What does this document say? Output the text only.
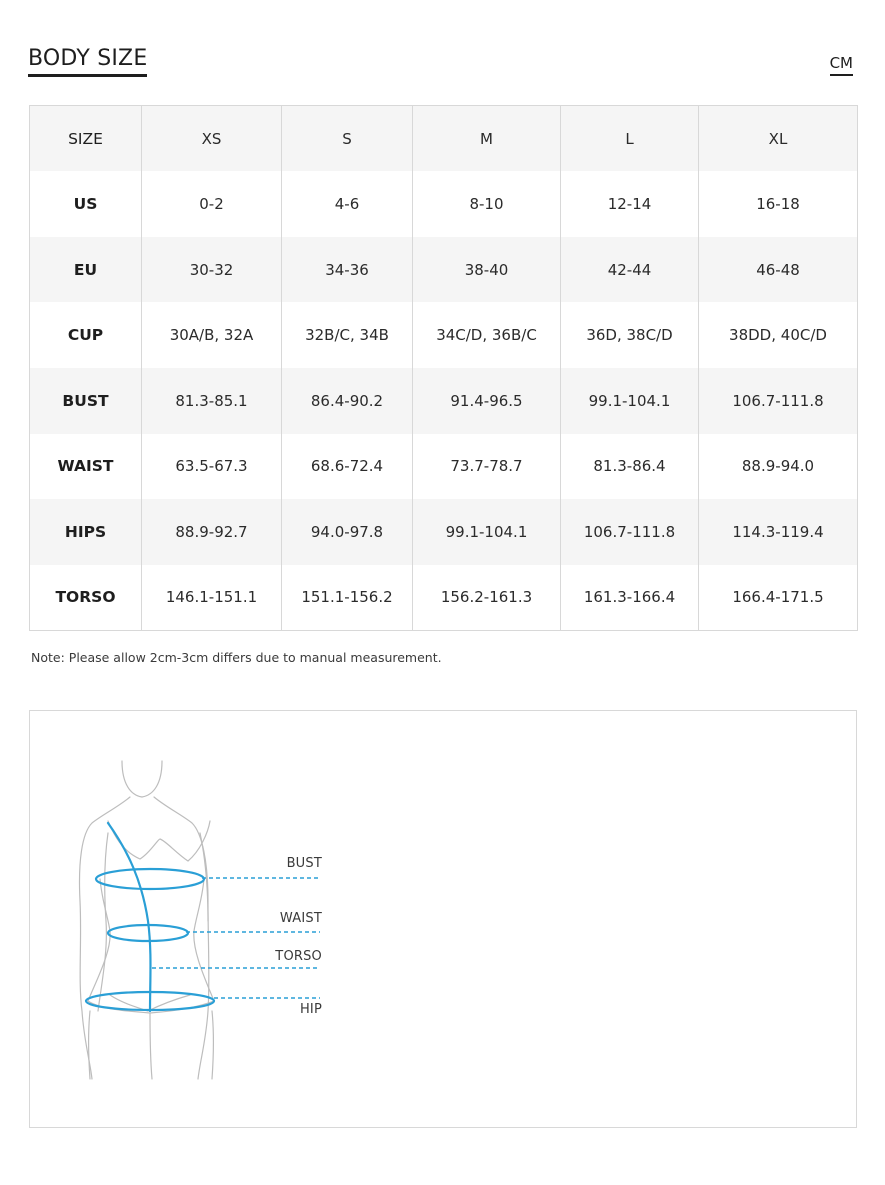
BODY SIZE	CM
SIZE	XS	S	M	L	XL
US	0-2	4-6	8-10	12-14	16-18
EU	30-32	34-36	38-40	42-44	46-48
CUP	30A/B, 32A	32B/C, 34B	34C/D, 36B/C	36D, 38C/D	38DD, 40C/D
BUST	81.3-85.1	86.4-90.2	91.4-96.5	99.1-104.1	106.7-111.8
WAIST	63.5-67.3	68.6-72.4	73.7-78.7	81.3-86.4	88.9-94.0
HIPS	88.9-92.7	94.0-97.8	99.1-104.1	106.7-111.8	114.3-119.4
TORSO	146.1-151.1	151.1-156.2	156.2-161.3	161.3-166.4	166.4-171.5
Note: Please allow 2cm-3cm differs due to manual measurement.
BUST
WAIST
TORSO
HIP
